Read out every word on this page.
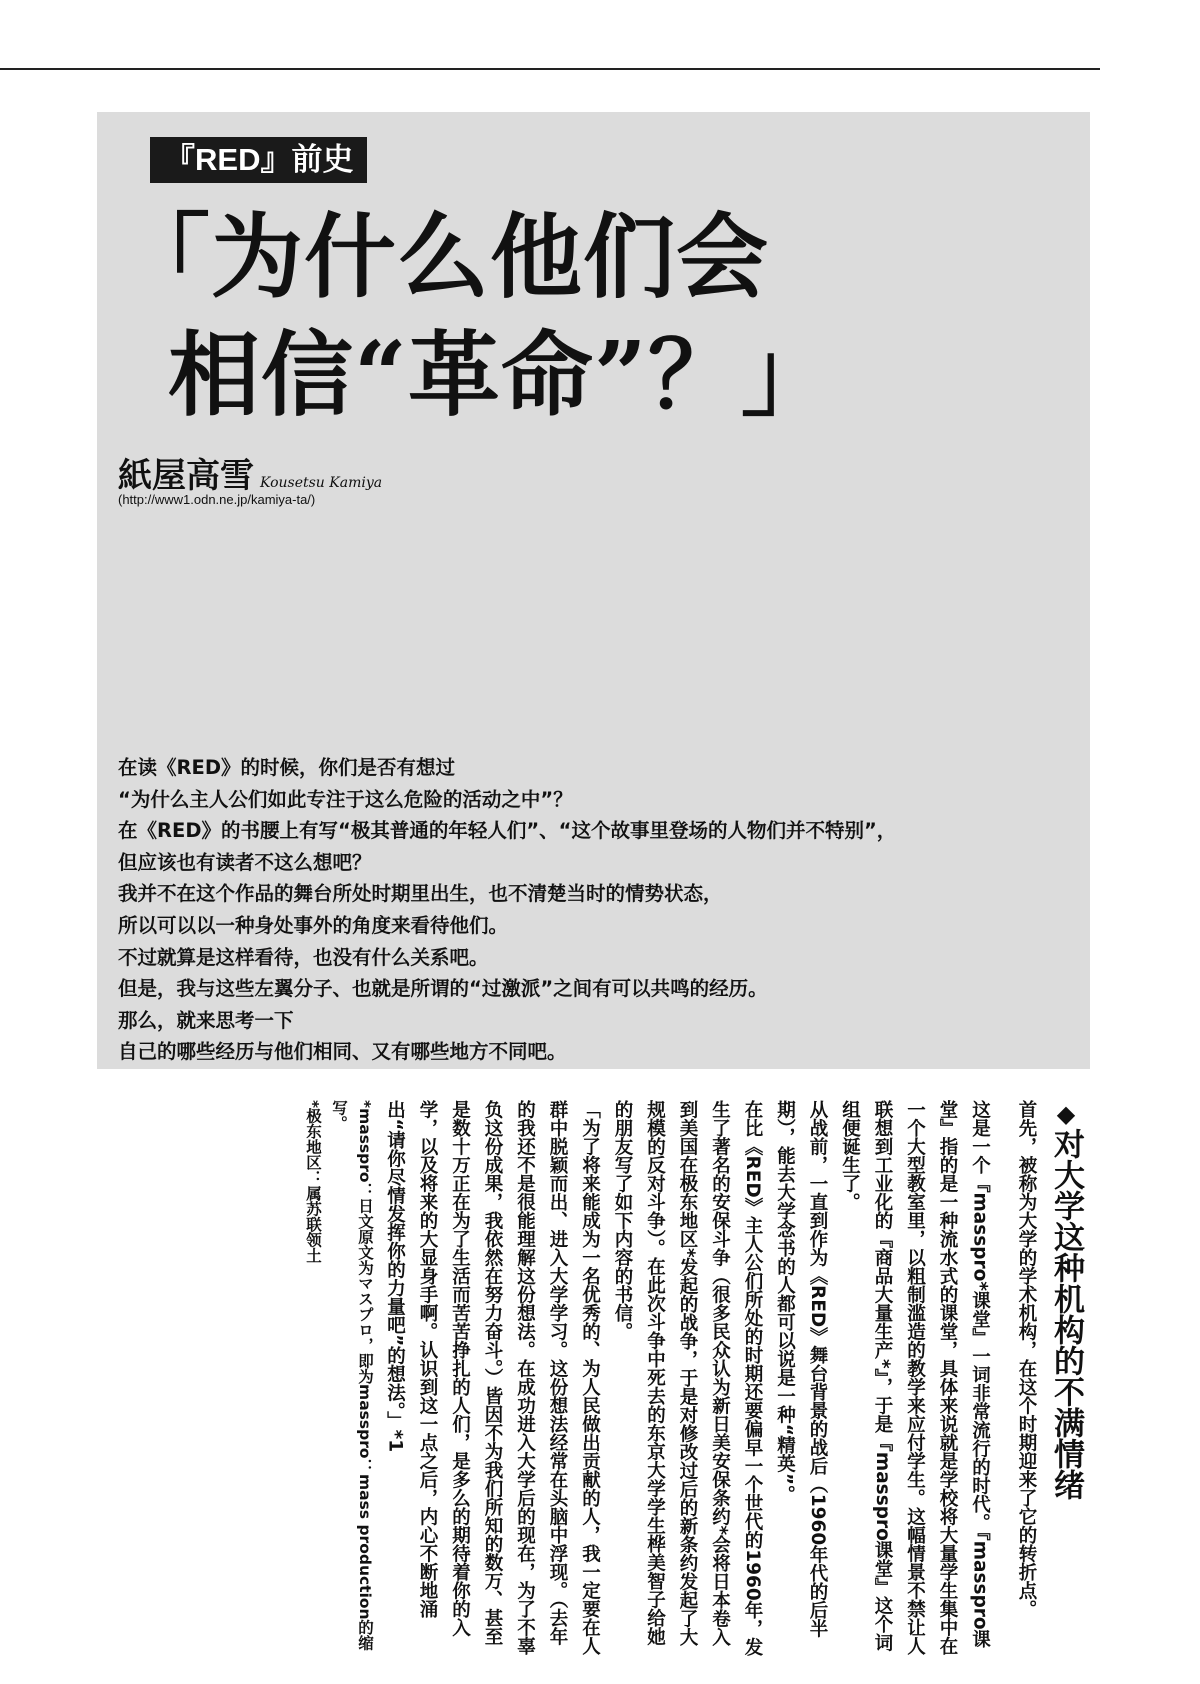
『RED』前史
「为什么他们会
相信“革命”？」
紙屋高雪 Kousetsu Kamiya
(http://www1.odn.ne.jp/kamiya-ta/)

在读《RED》的时候，你们是否有想过

“为什么主人公们如此专注于这么危险的活动之中”？

在《RED》的书腰上有写“极其普通的年轻人们”、“这个故事里登场的人物们并不特别”，

但应该也有读者不这么想吧？

我并不在这个作品的舞台所处时期里出生，也不清楚当时的情势状态，

所以可以以一种身处事外的角度来看待他们。

不过就算是这样看待，也没有什么关系吧。

但是，我与这些左翼分子、也就是所谓的“过激派”之间有可以共鸣的经历。

那么，就来思考一下

自己的哪些经历与他们相同、又有哪些地方不同吧。

◆对大学这种机构的不满情绪

首先，被称为大学的学术机构，在这个时期迎来了它的转折点。

这是一个『masspro*课堂』一词非常流行的时代。『masspro课堂』指的是一种流水式的课堂，具体来说就是学校将大量学生集中在一个大型教室里，以粗制滥造的教学来应付学生。这幅情景不禁让人联想到工业化的『商品大量生产*』，于是『masspro课堂』这个词组便诞生了。

从战前，一直到作为《RED》舞台背景的战后（1960年代的后半期），能去大学念书的人都可以说是一种“精英”。

在比《RED》主人公们所处的时期还要偏早一个世代的1960年，发生了著名的安保斗争（很多民众认为新日美安保条约*会将日本卷入到美国在极东地区*发起的战争，于是对修改过后的新条约发起了大规模的反对斗争）。在此次斗争中死去的东京大学学生桦美智子给她的朋友写了如下内容的书信。

「为了将来能成为一名优秀的、为人民做出贡献的人，我一定要在人群中脱颖而出、进入大学学习。这份想法经常在头脑中浮现。（去年的我还不是很能理解这份想法。在成功进入大学后的现在，为了不辜负这份成果，我依然在努力奋斗。）皆因不为我们所知的数万、甚至是数十万正在为了生活而苦苦挣扎的人们，是多么的期待着你的入学，以及将来的大显身手啊。认识到这一点之后，内心不断地涌出“请你尽情发挥你的力量吧”的想法。」*1

*masspro：日文原文为マスプロ，即为masspro：mass production的缩写。

*极东地区：属苏联领土
